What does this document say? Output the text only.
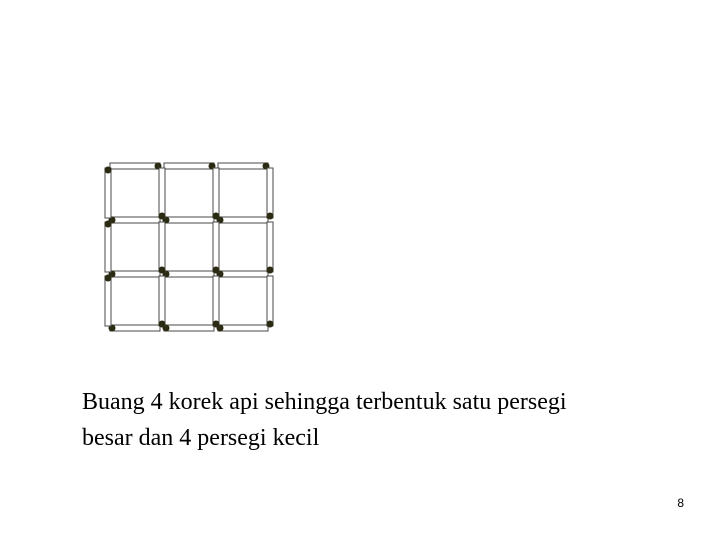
Buang 4 korek api sehingga terbentuk satu persegi
besar dan 4 persegi kecil
8
